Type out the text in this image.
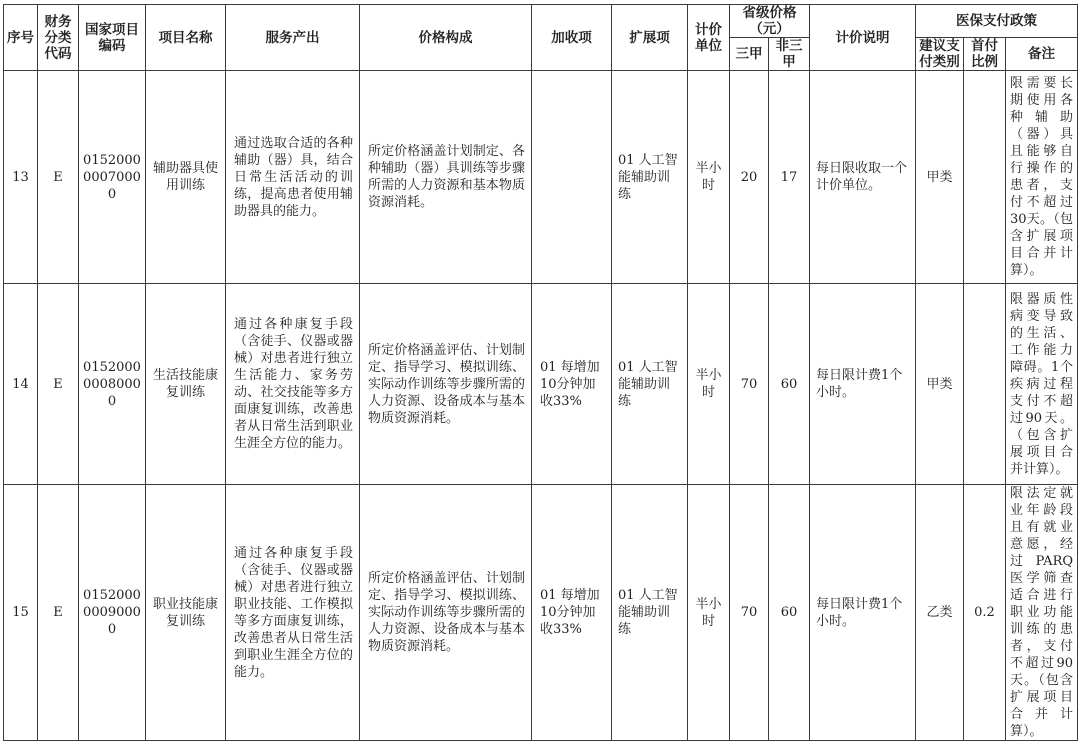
序号	财务分类代码	国家项目编码	项目名称	服务产出	价格构成	加收项	扩展项	计价单位	省级价格（元）		计价说明	医保支付政策		
									三甲	非三甲		建议支付类别	首付比例	备注
13	E	015200000070000	辅助器具使用训练	通过选取合适的各种辅助（器）具，结合日常生活活动的训练，提高患者使用辅助器具的能力。	所定价格涵盖计划制定、各种辅助（器）具训练等步骤所需的人力资源和基本物质资源消耗。		01 人工智能辅助训练	半小时	20	17	每日限收取一个计价单位。	甲类		限需要长期使用各种辅助（器）具且能够自行操作的患者，支付不超过30天。（包含扩展项目合并计算）。
14	E	015200000080000	生活技能康复训练	通过各种康复手段（含徒手、仪器或器械）对患者进行独立生活能力、家务劳动、社交技能等多方面康复训练，改善患者从日常生活到职业生涯全方位的能力。	所定价格涵盖评估、计划制定、指导学习、模拟训练、实际动作训练等步骤所需的人力资源、设备成本与基本物质资源消耗。	01 每增加10分钟加收33%	01 人工智能辅助训练	半小时	70	60	每日限计费1个小时。	甲类		限器质性病变导致的生活、工作能力障碍。1个疾病过程支付不超过90天。（包含扩展项目合并计算）。
15	E	015200000090000	职业技能康复训练	通过各种康复手段（含徒手、仪器或器械）对患者进行独立职业技能、工作模拟等多方面康复训练，改善患者从日常生活到职业生涯全方位的能力。	所定价格涵盖评估、计划制定、指导学习、模拟训练、实际动作训练等步骤所需的人力资源、设备成本与基本物质资源消耗。	01 每增加10分钟加收33%	01 人工智能辅助训练	半小时	70	60	每日限计费1个小时。	乙类	0.2	限法定就业年龄段且有就业意愿，经过PARQ医学筛查适合进行职业功能训练的患者，支付不超过90天。（包含扩展项目合并计算）。
